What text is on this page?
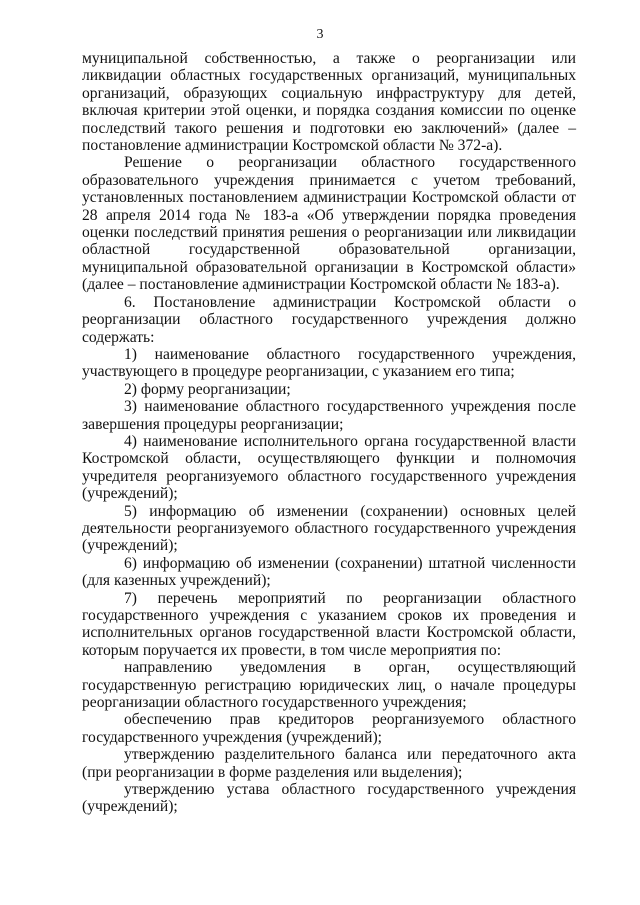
3

муниципальной собственностью, а также о реорганизации или ликвидации областных государственных организаций, муниципальных организаций, образующих социальную инфраструктуру для детей, включая критерии этой оценки, и порядка создания комиссии по оценке последствий такого решения и подготовки ею заключений» (далее – постановление администрации Костромской области № 372-а).

Решение о реорганизации областного государственного образовательного учреждения принимается с учетом требований, установленных постановлением администрации Костромской области от 28 апреля 2014 года № 183-а «Об утверждении порядка проведения оценки последствий принятия решения о реорганизации или ликвидации областной государственной образовательной организации, муниципальной образовательной организации в Костромской области» (далее – постановление администрации Костромской области № 183-а).

6. Постановление администрации Костромской области о реорганизации областного государственного учреждения должно содержать:

1) наименование областного государственного учреждения, участвующего в процедуре реорганизации, с указанием его типа;

2) форму реорганизации;

3) наименование областного государственного учреждения после завершения процедуры реорганизации;

4) наименование исполнительного органа государственной власти Костромской области, осуществляющего функции и полномочия учредителя реорганизуемого областного государственного учреждения (учреждений);

5) информацию об изменении (сохранении) основных целей деятельности реорганизуемого областного государственного учреждения (учреждений);

6) информацию об изменении (сохранении) штатной численности (для казенных учреждений);

7) перечень мероприятий по реорганизации областного государственного учреждения с указанием сроков их проведения и исполнительных органов государственной власти Костромской области, которым поручается их провести, в том числе мероприятия по:

направлению уведомления в орган, осуществляющий государственную регистрацию юридических лиц, о начале процедуры реорганизации областного государственного учреждения;

обеспечению прав кредиторов реорганизуемого областного государственного учреждения (учреждений);

утверждению разделительного баланса или передаточного акта (при реорганизации в форме разделения или выделения);

утверждению устава областного государственного учреждения (учреждений);
